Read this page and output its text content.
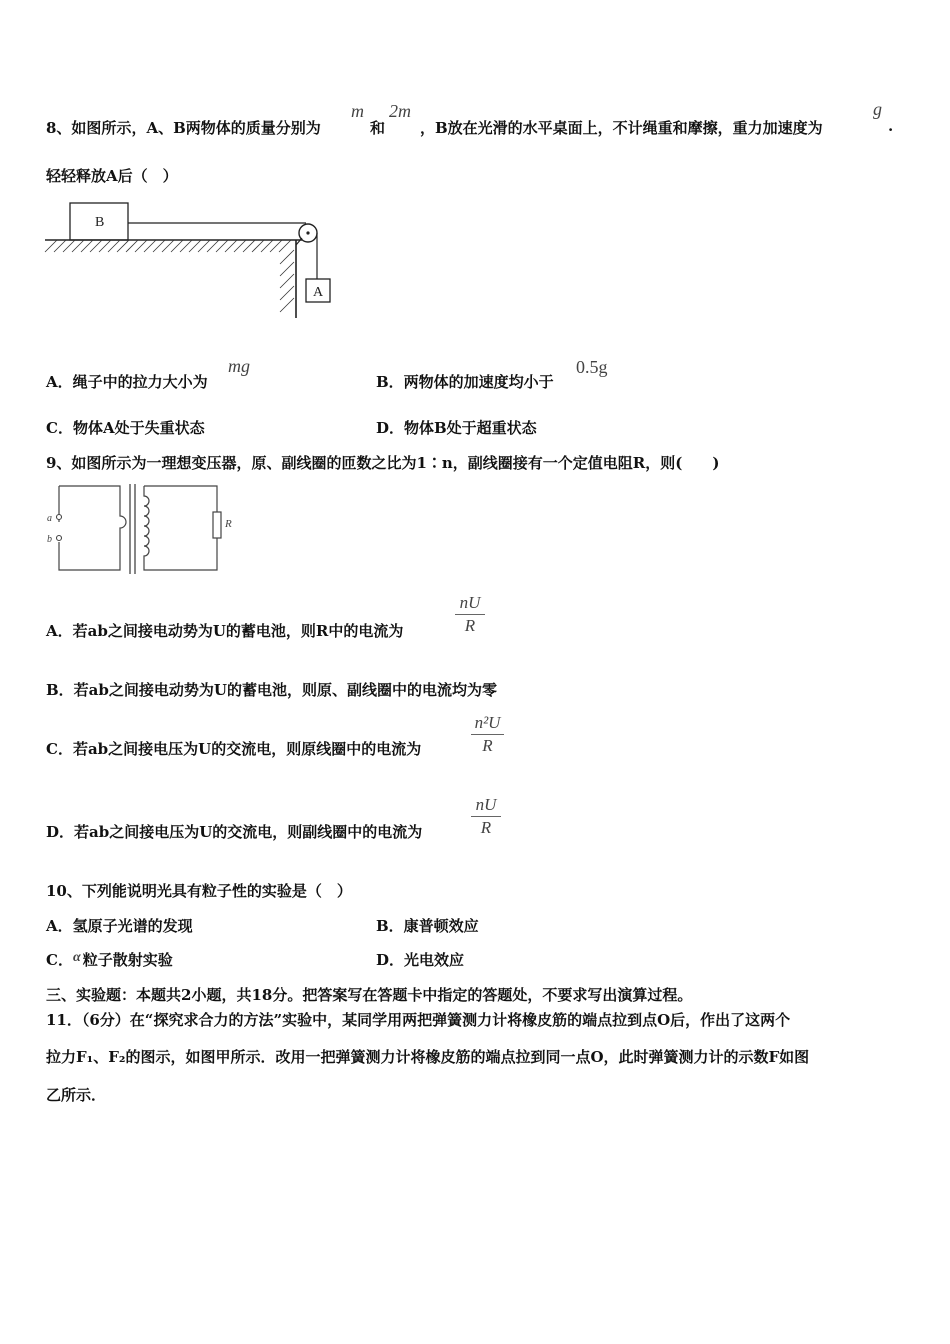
8、如图所示，A、B两物体的质量分别为
m
和
2m
，B放在光滑的水平桌面上，不计绳重和摩擦，重力加速度为
g
.
轻轻释放A后（　）
B
A
A．绳子中的拉力大小为
mg
B．两物体的加速度均小于
0.5g
C．物体A处于失重状态	D．物体B处于超重状态
9、如图所示为一理想变压器，原、副线圈的匝数之比为1∶n，副线圈接有一个定值电阻R，则(　　)
a
b
R
A．若ab之间接电动势为U的蓄电池，则R中的电流为	$\frac{nU}{R}$
B．若ab之间接电动势为U的蓄电池，则原、副线圈中的电流均为零
C．若ab之间接电压为U的交流电，则原线圈中的电流为	$\frac{\text{n²U}}{R}$
D．若ab之间接电压为U的交流电，则副线圈中的电流为	$\frac{nU}{R}$
10、下列能说明光具有粒子性的实验是（　）
A．氢原子光谱的发现	B．康普顿效应
C．α 粒子散射实验	D．光电效应
三、实验题：本题共2小题，共18分。把答案写在答题卡中指定的答题处，不要求写出演算过程。
11．（6分）在“探究求合力的方法”实验中，某同学用两把弹簧测力计将橡皮筋的端点拉到点O后，作出了这两个
拉力F₁、F₂的图示，如图甲所示．改用一把弹簧测力计将橡皮筋的端点拉到同一点O，此时弹簧测力计的示数F如图
乙所示．
